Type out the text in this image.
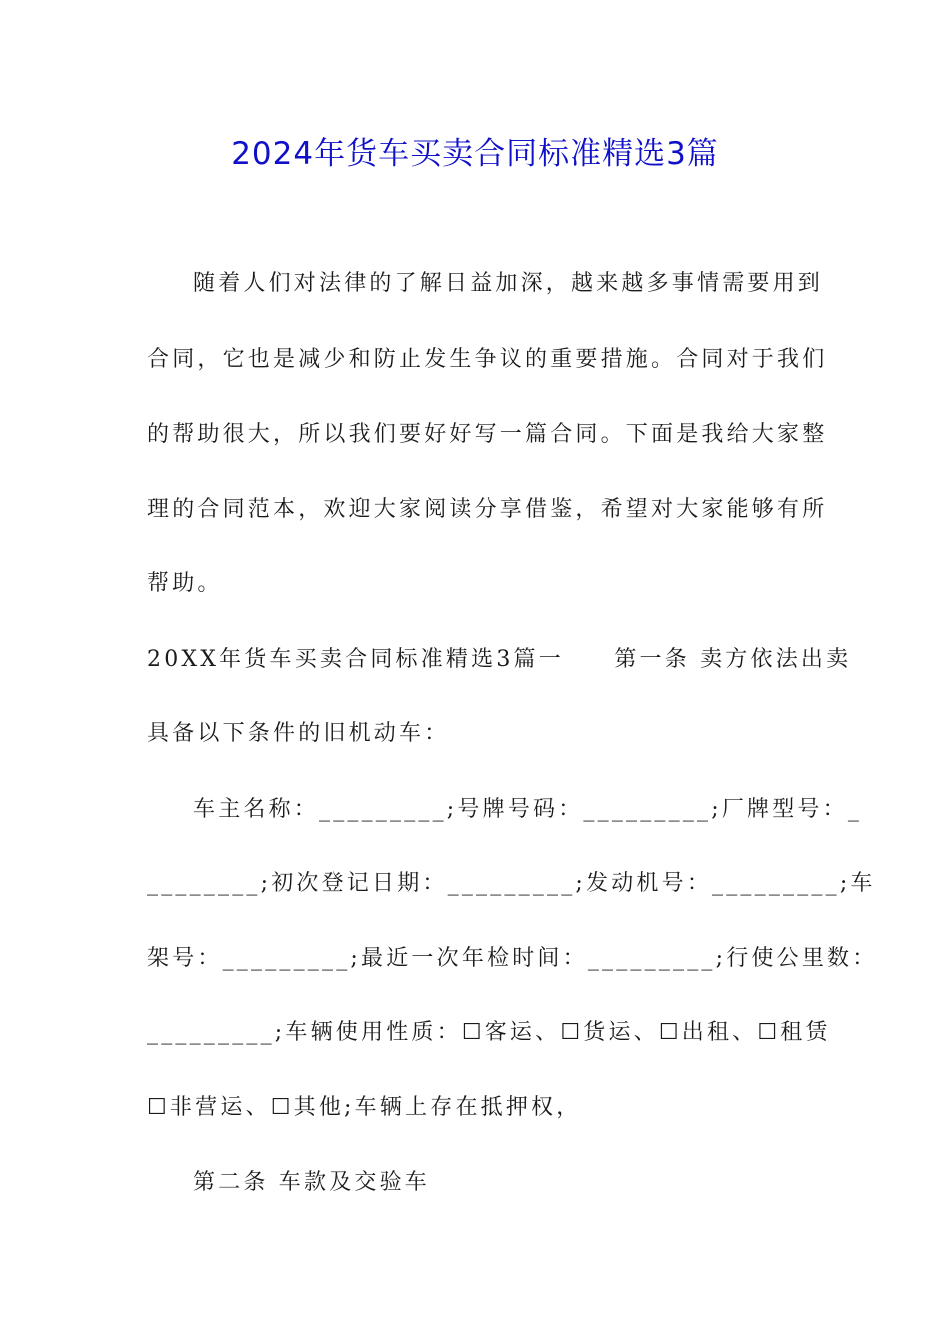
2024年货车买卖合同标准精选3篇
随着人们对法律的了解日益加深，越来越多事情需要用到
合同，它也是减少和防止发生争议的重要措施。合同对于我们
的帮助很大，所以我们要好好写一篇合同。下面是我给大家整
理的合同范本，欢迎大家阅读分享借鉴，希望对大家能够有所
帮助。
20XX年货车买卖合同标准精选3篇一　　第一条 卖方依法出卖
具备以下条件的旧机动车：
车主名称：_________;号牌号码：_________;厂牌型号：_
________;初次登记日期：_________;发动机号：_________;车
架号：_________;最近一次年检时间：_________;行使公里数：
_________;车辆使用性质：☐客运、☐货运、☐出租、☐租赁
☐非营运、☐其他;车辆上存在抵押权，
第二条 车款及交验车
